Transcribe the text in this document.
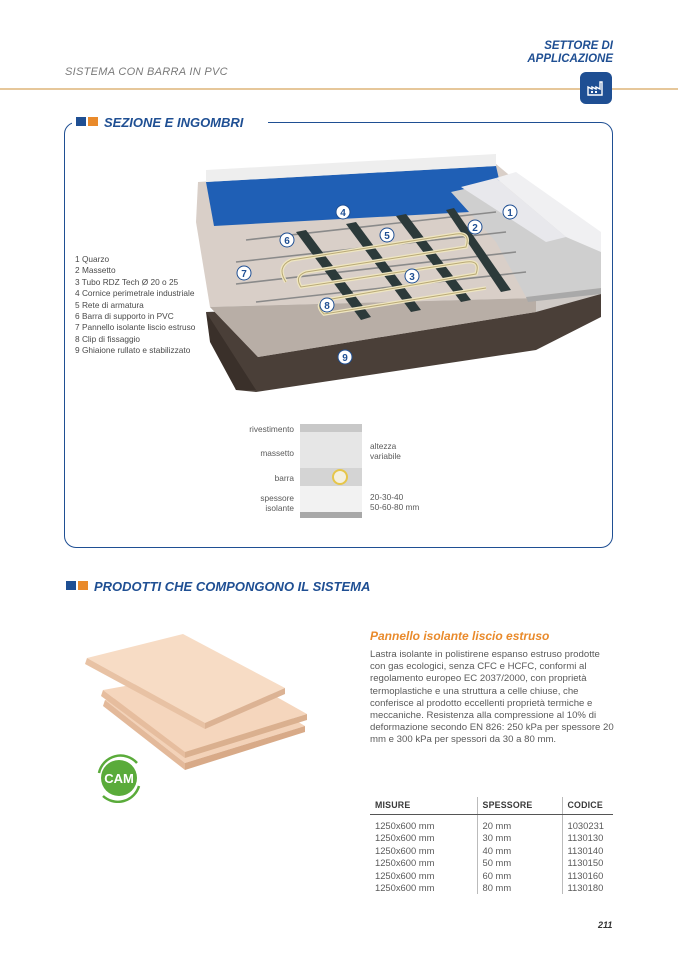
SISTEMA CON BARRA IN PVC
SETTORE DI
APPLICAZIONE
SEZIONE E INGOMBRI
1 Quarzo
2 Massetto
3 Tubo RDZ Tech Ø 20 o 25
4 Cornice perimetrale industriale
5 Rete di armatura
6 Barra di supporto in PVC
7 Pannello isolante liscio estruso
8 Clip di fissaggio
9 Ghiaione rullato e stabilizzato
1
2
3
4
5
6
7
8
9
rivestimento
massetto
barra
spessore
isolante
altezza
variabile
20-30-40
50-60-80 mm
PRODOTTI CHE COMPONGONO IL SISTEMA
CAM
Pannello isolante liscio estruso
Lastra isolante in polistirene espanso estruso prodotte con gas ecologici, senza CFC e HCFC, conformi al regolamento europeo EC 2037/2000, con proprietà termoplastiche e una struttura a celle chiuse, che conferisce al prodotto eccellenti proprietà termiche e meccaniche. Resistenza alla compressione al 10% di deformazione secondo EN 826: 250 kPa per spessore 20 mm e 300 kPa per spessori da 30 a 80 mm.
MISURE	SPESSORE	CODICE
1250x600 mm	20 mm	1030231
1250x600 mm	30 mm	1130130
1250x600 mm	40 mm	1130140
1250x600 mm	50 mm	1130150
1250x600 mm	60 mm	1130160
1250x600 mm	80 mm	1130180
211
